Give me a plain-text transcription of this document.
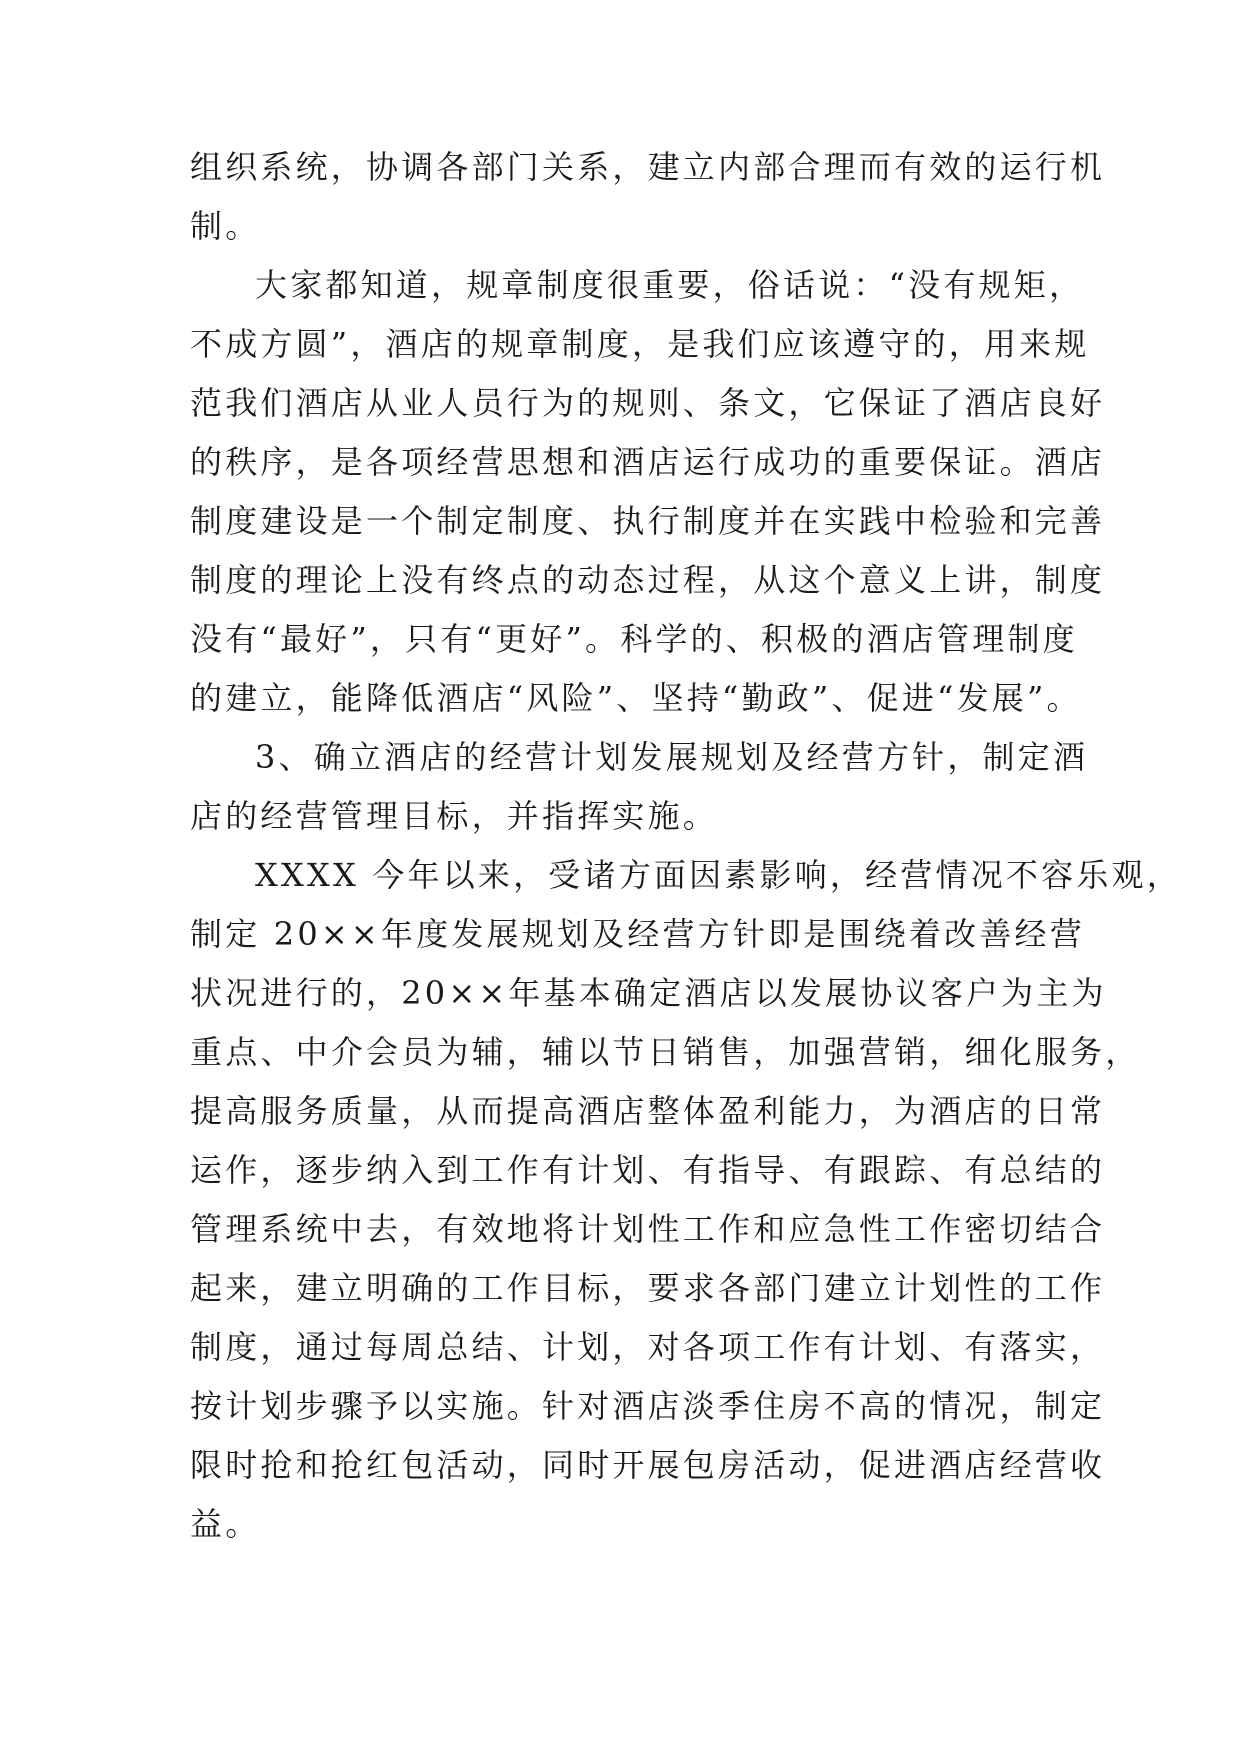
组织系统，协调各部门关系，建立内部合理而有效的运行机
制。
大家都知道，规章制度很重要，俗话说：“没有规矩，
不成方圆”，酒店的规章制度，是我们应该遵守的，用来规
范我们酒店从业人员行为的规则、条文，它保证了酒店良好
的秩序，是各项经营思想和酒店运行成功的重要保证。酒店
制度建设是一个制定制度、执行制度并在实践中检验和完善
制度的理论上没有终点的动态过程，从这个意义上讲，制度
没有“最好”，只有“更好”。科学的、积极的酒店管理制度
的建立，能降低酒店“风险”、坚持“勤政”、促进“发展”。
3、确立酒店的经营计划发展规划及经营方针，制定酒
店的经营管理目标，并指挥实施。
XXXX 今年以来，受诸方面因素影响，经营情况不容乐观，
制定 20××年度发展规划及经营方针即是围绕着改善经营
状况进行的，20××年基本确定酒店以发展协议客户为主为
重点、中介会员为辅，辅以节日销售，加强营销，细化服务，
提高服务质量，从而提高酒店整体盈利能力，为酒店的日常
运作，逐步纳入到工作有计划、有指导、有跟踪、有总结的
管理系统中去，有效地将计划性工作和应急性工作密切结合
起来，建立明确的工作目标，要求各部门建立计划性的工作
制度，通过每周总结、计划，对各项工作有计划、有落实，
按计划步骤予以实施。针对酒店淡季住房不高的情况，制定
限时抢和抢红包活动，同时开展包房活动，促进酒店经营收
益。
